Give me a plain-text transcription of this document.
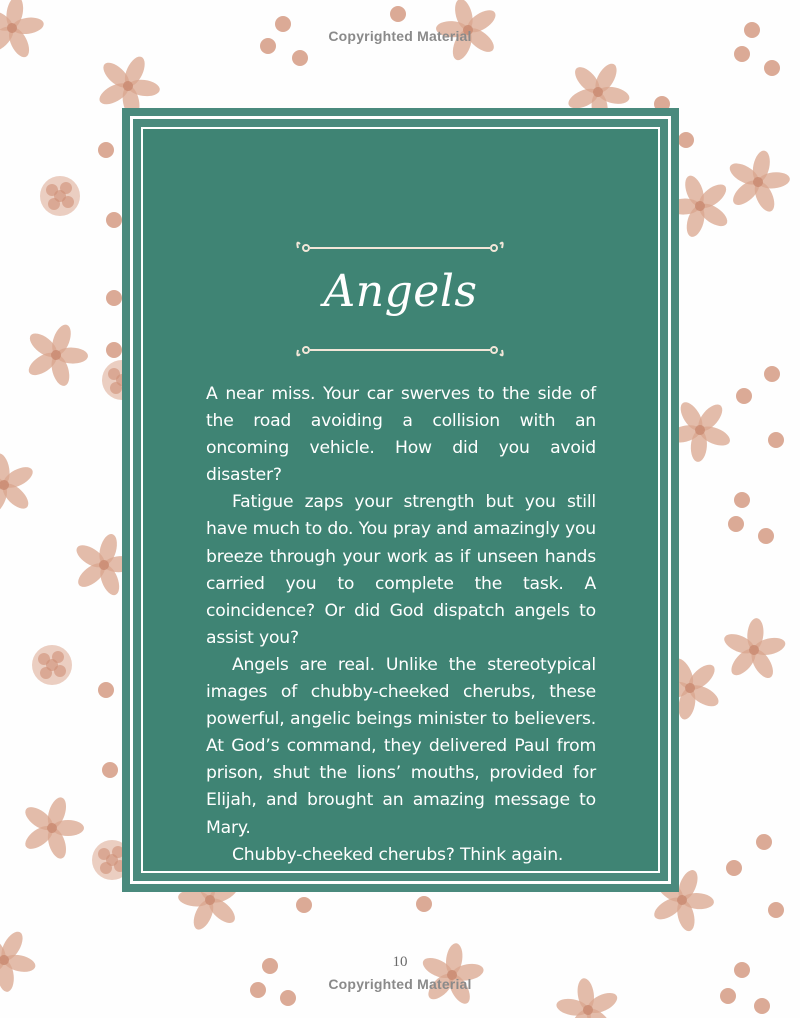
Copyrighted Material
Angels

A near miss. Your car swerves to the side of the road avoiding a collision with an oncoming vehicle. How did you avoid disaster?

Fatigue zaps your strength but you still have much to do. You pray and amazingly you breeze through your work as if unseen hands carried you to complete the task. A coincidence? Or did God dispatch angels to assist you?

Angels are real. Unlike the stereotypical images of chubby-cheeked cherubs, these powerful, angelic beings minister to believers. At God’s command, they delivered Paul from prison, shut the lions’ mouths, provided for Elijah, and brought an amazing message to Mary.

Chubby-cheeked cherubs? Think again.

10
Copyrighted Material
